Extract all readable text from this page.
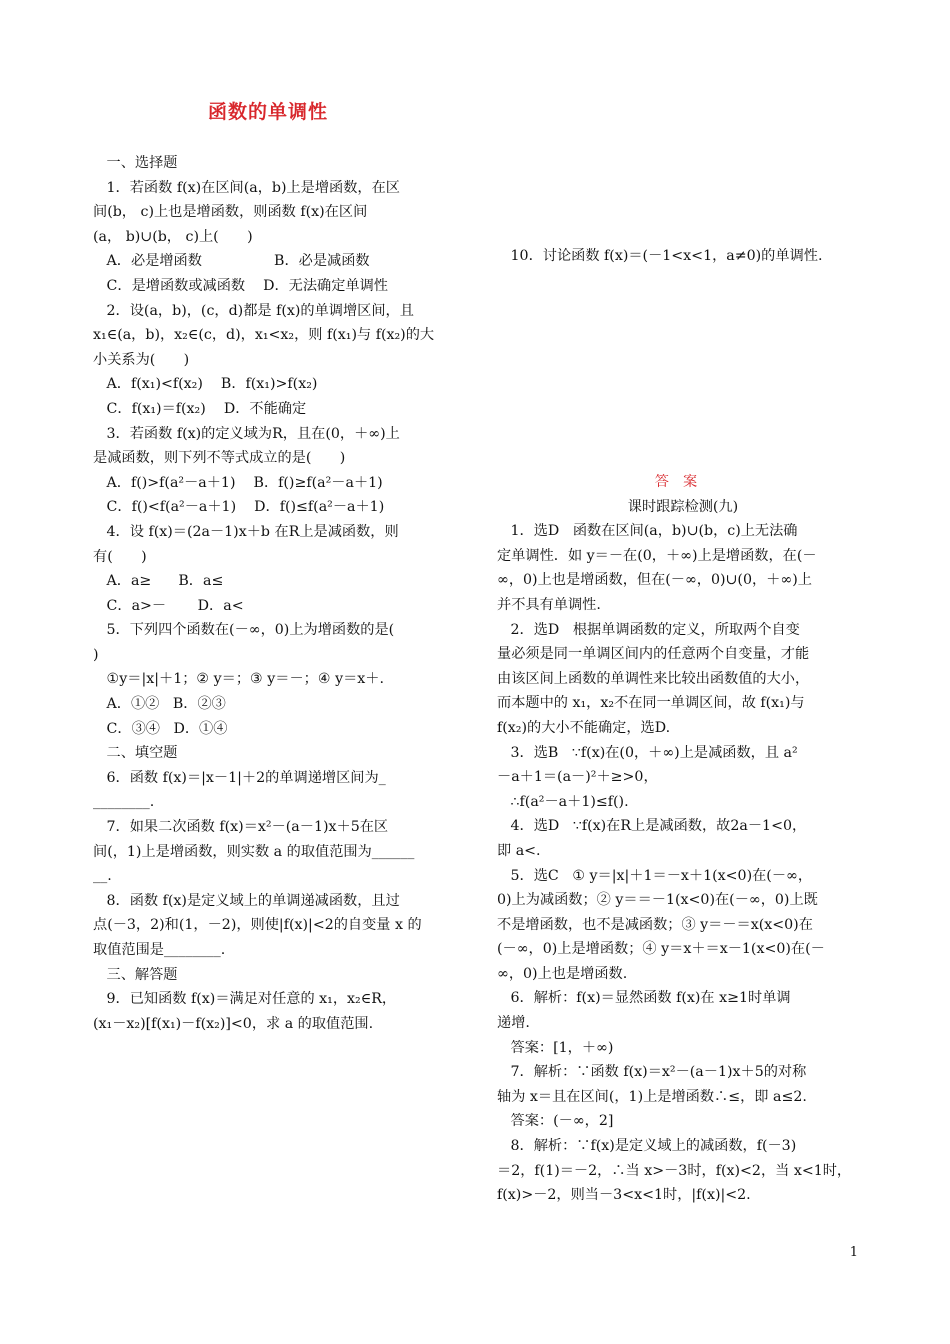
函数的单调性
一、选择题
1．若函数 f(x)在区间(a，b)上是增函数，在区
间(b， c)上也是增函数，则函数 f(x)在区间
(a， b)∪(b， c)上(　　)
A．必是增函数                B．必是减函数
C．是增函数或减函数    D．无法确定单调性
2．设(a，b)，(c，d)都是 f(x)的单调增区间，且
x₁∈(a，b)，x₂∈(c，d)，x₁<x₂，则 f(x₁)与 f(x₂)的大
小关系为(　　)
A．f(x₁)<f(x₂)    B．f(x₁)>f(x₂)
C．f(x₁)＝f(x₂)    D．不能确定
3．若函数 f(x)的定义域为R，且在(0，＋∞)上
是减函数，则下列不等式成立的是(　　)
A．f()>f(a²－a＋1)    B．f()≥f(a²－a＋1)
C．f()<f(a²－a＋1)    D．f()≤f(a²－a＋1)
4．设 f(x)＝(2a－1)x＋b 在R上是减函数，则
有(　　)
A．a≥      B．a≤
C．a>－       D．a<
5．下列四个函数在(－∞，0)上为增函数的是(
)
①y＝|x|＋1；② y＝；③ y＝－；④ y＝x＋.
A．①②   B．②③
C．③④   D．①④
二、填空题
6．函数 f(x)＝|x－1|＋2的单调递增区间为_
________.
7．如果二次函数 f(x)＝x²－(a－1)x＋5在区
间(，1)上是增函数，则实数 a 的取值范围为______
__.
8．函数 f(x)是定义域上的单调递减函数，且过
点(－3，2)和(1，－2)，则使|f(x)|<2的自变量 x 的
取值范围是________.
三、解答题
9．已知函数 f(x)＝满足对任意的 x₁，x₂∈R，
(x₁－x₂)[f(x₁)－f(x₂)]<0，求 a 的取值范围.
10．讨论函数 f(x)＝(－1<x<1，a≠0)的单调性.
答案
课时跟踪检测(九)
1．选D   函数在区间(a，b)∪(b，c)上无法确
定单调性．如 y＝－在(0，＋∞)上是增函数，在(－
∞，0)上也是增函数，但在(－∞，0)∪(0，＋∞)上
并不具有单调性.
2．选D   根据单调函数的定义，所取两个自变
量必须是同一单调区间内的任意两个自变量，才能
由该区间上函数的单调性来比较出函数值的大小，
而本题中的 x₁，x₂不在同一单调区间，故 f(x₁)与
f(x₂)的大小不能确定，选D.
3．选B   ∵f(x)在(0，＋∞)上是减函数，且 a²
－a＋1＝(a－)²＋≥>0，
∴f(a²－a＋1)≤f().
4．选D   ∵f(x)在R上是减函数，故2a－1<0，
即 a<.
5．选C   ① y＝|x|＋1＝－x＋1(x<0)在(－∞，
0)上为减函数；② y＝＝－1(x<0)在(－∞，0)上既
不是增函数，也不是减函数；③ y＝－＝x(x<0)在
(－∞，0)上是增函数；④ y＝x＋＝x－1(x<0)在(－
∞，0)上也是增函数.
6．解析：f(x)＝显然函数 f(x)在 x≥1时单调
递增.
答案：[1，＋∞)
7．解析：∵函数 f(x)＝x²－(a－1)x＋5的对称
轴为 x＝且在区间(，1)上是增函数∴≤，即 a≤2.
答案：(－∞，2]
8．解析：∵f(x)是定义域上的减函数，f(－3)
＝2，f(1)＝－2，∴当 x>－3时，f(x)<2，当 x<1时，
f(x)>－2，则当－3<x<1时，|f(x)|<2.
1
